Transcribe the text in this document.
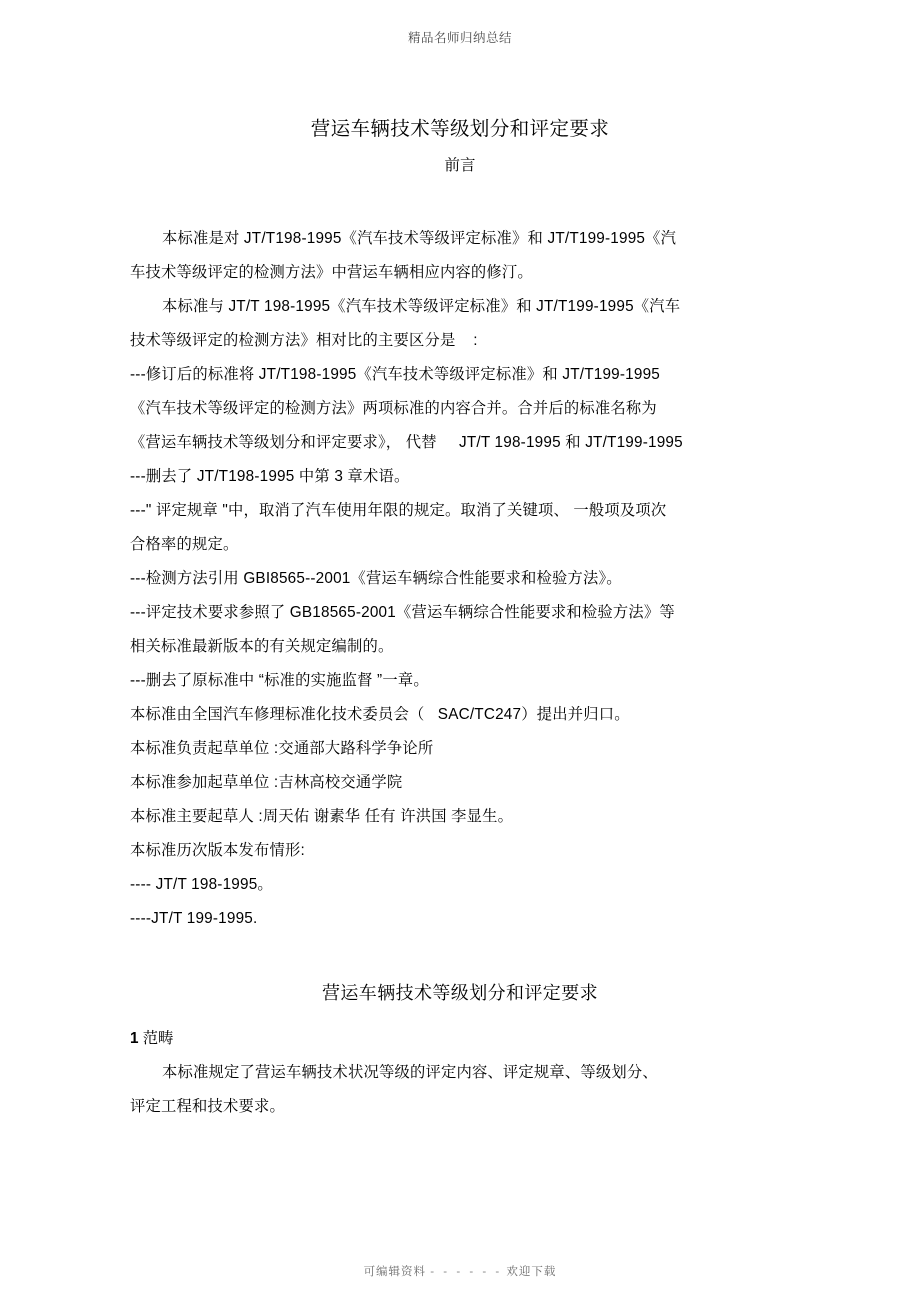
精品名师归纳总结
营运车辆技术等级划分和评定要求
前言

本标准是对 JT/T198-1995《汽车技术等级评定标准》和 JT/T199-1995《汽

车技术等级评定的检测方法》中营运车辆相应内容的修汀。

本标准与 JT/T 198-1995《汽车技术等级评定标准》和 JT/T199-1995《汽车

技术等级评定的检测方法》相对比的主要区分是    :

---修订后的标准将 JT/T198-1995《汽车技术等级评定标准》和 JT/T199-1995

《汽车技术等级评定的检测方法》两项标准的内容合并。合并后的标准名称为

《营运车辆技术等级划分和评定要求》， 代替     JT/T 198-1995 和 JT/T199-1995

---删去了 JT/T198-1995 中第 3 章术语。

---" 评定规章 "中，取消了汽车使用年限的规定。取消了关键项、 一般项及项次

合格率的规定。

---检测方法引用 GBI8565--2001《营运车辆综合性能要求和检验方法》。

---评定技术要求参照了 GB18565-2001《营运车辆综合性能要求和检验方法》等

相关标准最新版本的有关规定编制的。

---删去了原标准中 “标准的实施监督 ”一章。

本标准由全国汽车修理标准化技术委员会（   SAC/TC247）提出并归口。

本标准负责起草单位 :交通部大路科学争论所

本标准参加起草单位 :吉林高校交通学院

本标准主要起草人 :周天佑 谢素华 任有 许洪国 李显生。

本标准历次版本发布情形:

---- JT/T 198-1995。

----JT/T 199-1995.

营运车辆技术等级划分和评定要求

1 范畴

本标准规定了营运车辆技术状况等级的评定内容、评定规章、等级划分、

评定工程和技术要求。

可编辑资料 - - - - - - 欢迎下载
